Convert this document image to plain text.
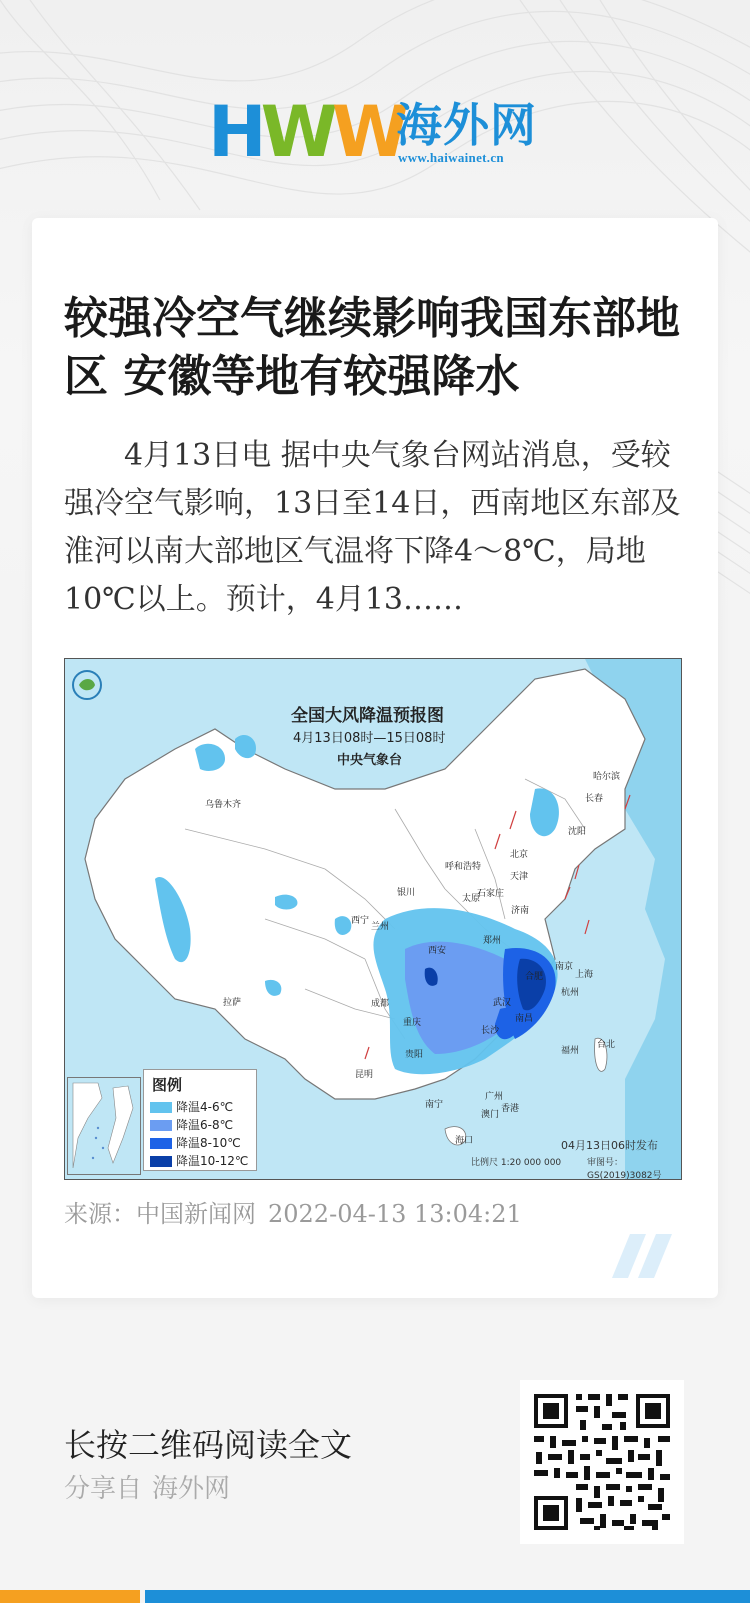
HWW
海外网
www.haiwainet.cn
较强冷空气继续影响我国东部地区 安徽等地有较强降水

4月13日电 据中央气象台网站消息，受较强冷空气影响，13日至14日，西南地区东部及淮河以南大部地区气温将下降4～8℃，局地10℃以上。预计，4月13……

全国大风降温预报图
4月13日08时—15日08时
中央气象台
哈尔滨
长春
沈阳
乌鲁木齐
北京
天津
呼和浩特
石家庄
太原
济南
银川
西宁
兰州
郑州
西安
合肥
南京
上海
杭州
武汉
成都
重庆
长沙
南昌
拉萨
贵阳	福州
台北
昆明
南宁
广州
香港
澳门
海口
图例
降温4-6℃
降温6-8℃
降温8-10℃
降温10-12℃
04月13日06时发布
比例尺 1:20 000 000	审图号：GS(2019)3082号
来源：中国新闻网 2022-04-13 13:04:21
长按二维码阅读全文
分享自 海外网
